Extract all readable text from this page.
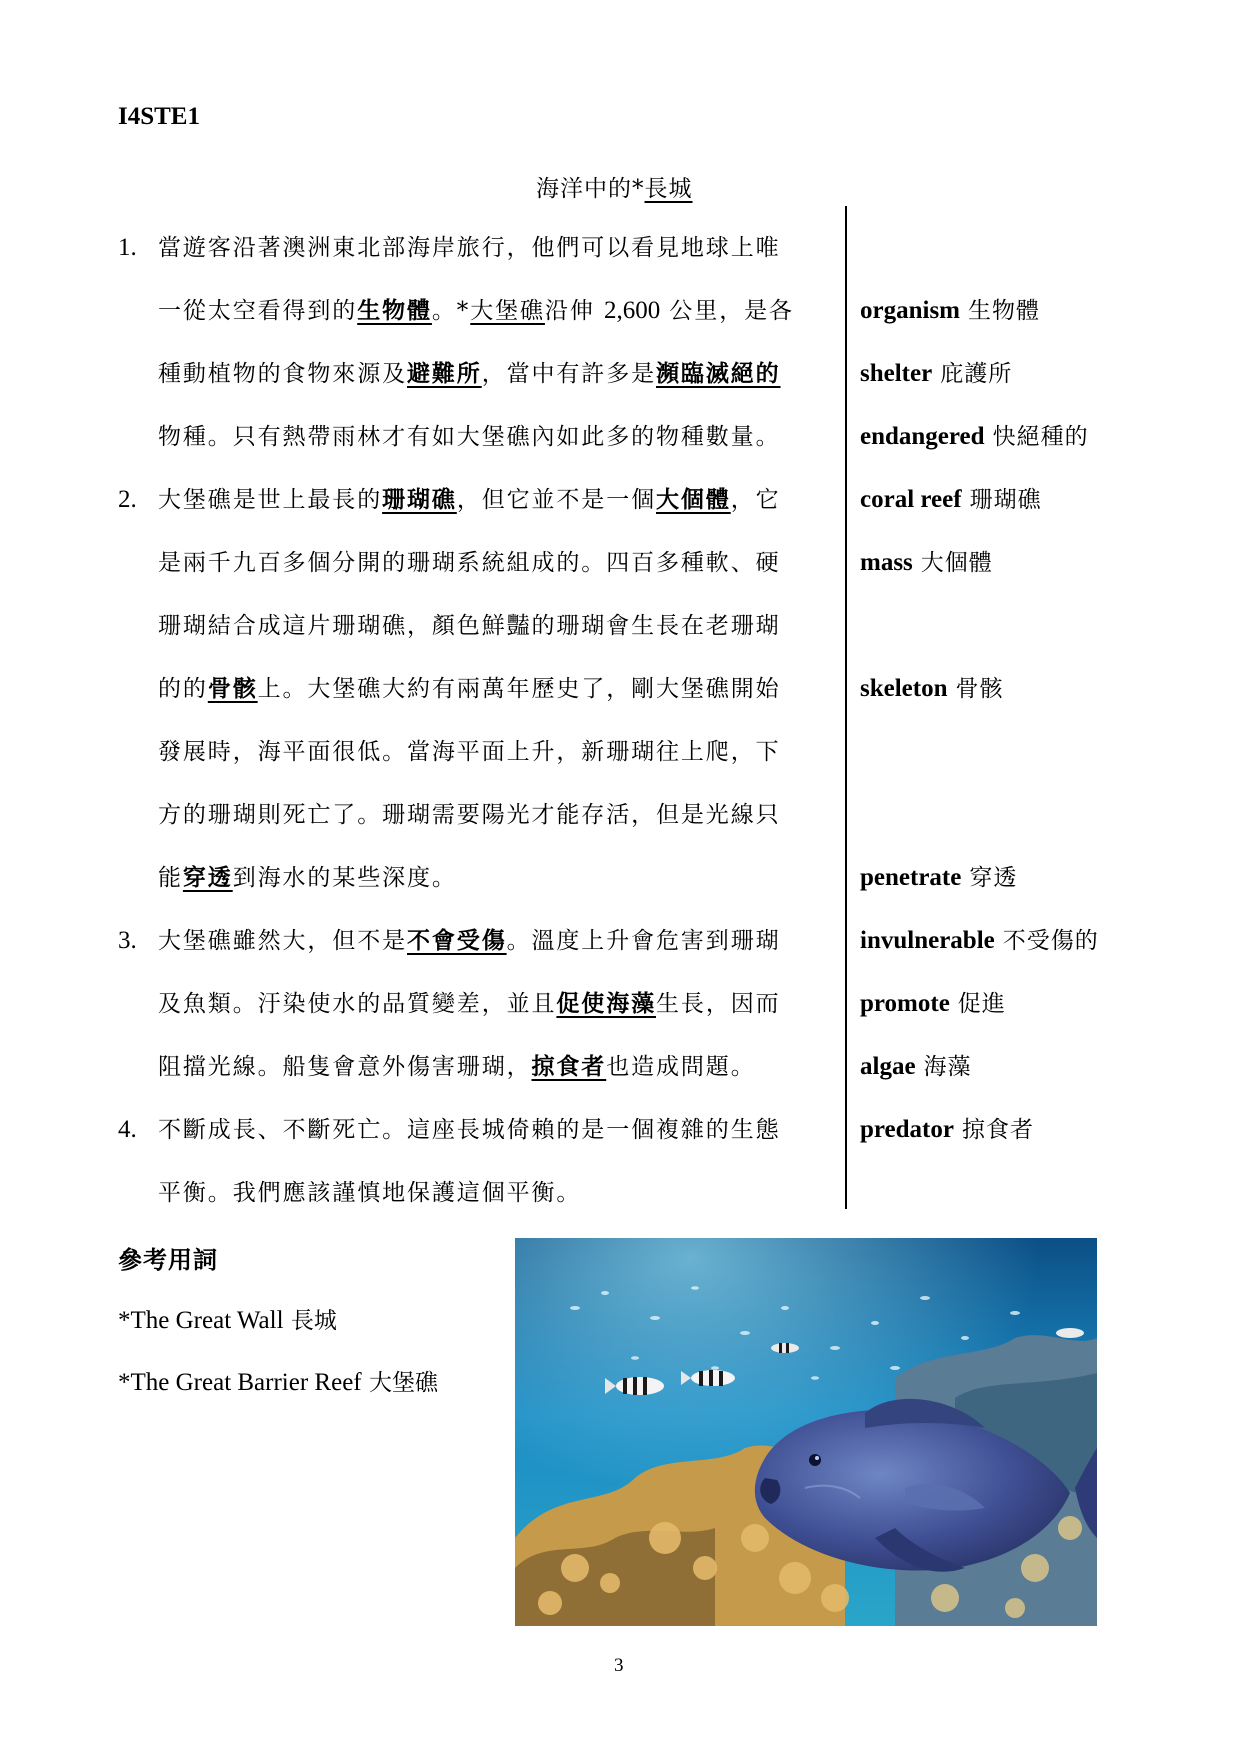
I4STE1
海洋中的*長城
1. 當遊客沿著澳洲東北部海岸旅行，他們可以看見地球上唯
一從太空看得到的生物體。*大堡礁沿伸 2,600 公里，是各
種動植物的食物來源及避難所，當中有許多是瀕臨滅絕的
物種。只有熱帶雨林才有如大堡礁內如此多的物種數量。
2. 大堡礁是世上最長的珊瑚礁，但它並不是一個大個體，它
是兩千九百多個分開的珊瑚系統組成的。四百多種軟、硬
珊瑚結合成這片珊瑚礁，顏色鮮豔的珊瑚會生長在老珊瑚
的的骨骸上。大堡礁大約有兩萬年歷史了，剛大堡礁開始
發展時，海平面很低。當海平面上升，新珊瑚往上爬，下
方的珊瑚則死亡了。珊瑚需要陽光才能存活，但是光線只
能穿透到海水的某些深度。
3. 大堡礁雖然大，但不是不會受傷。溫度上升會危害到珊瑚
及魚類。汙染使水的品質變差，並且促使海藻生長，因而
阻擋光線。船隻會意外傷害珊瑚，掠食者也造成問題。
4. 不斷成長、不斷死亡。這座長城倚賴的是一個複雜的生態
平衡。我們應該謹慎地保護這個平衡。
organism 生物體
shelter 庇護所
endangered 快絕種的
coral reef 珊瑚礁
mass 大個體
skeleton 骨骸
penetrate 穿透
invulnerable 不受傷的
promote 促進
algae 海藻
predator 掠食者
參考用詞
*The Great Wall 長城
*The Great Barrier Reef 大堡礁
3
